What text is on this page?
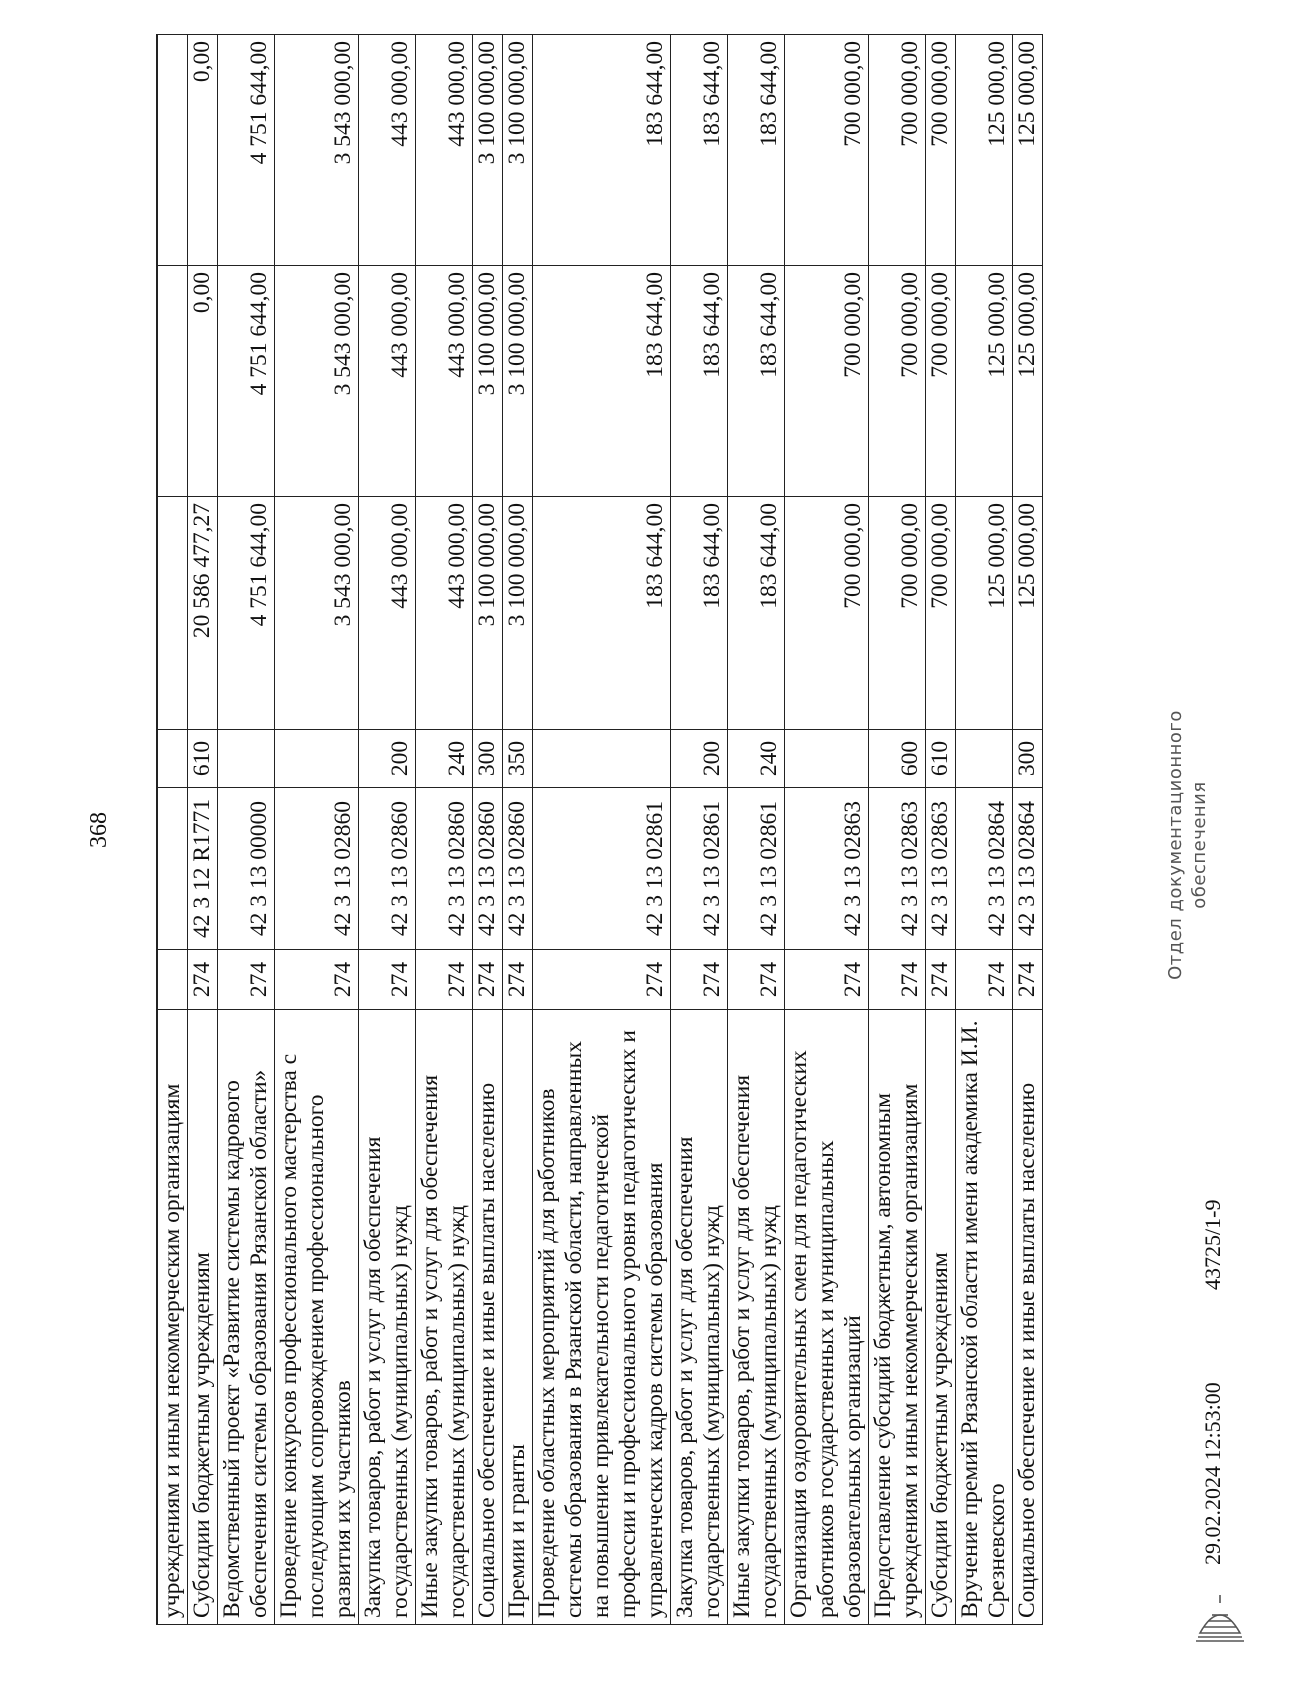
368
учреждениям и иным некоммерческим организациям						
Субсидии бюджетным учреждениям	274	42 3 12 R1771	610	20 586 477,27	0,00	0,00
Ведомственный проект «Развитие системы кадрового обеспечения системы образования Рязанской области»	274	42 3 13 00000		4 751 644,00	4 751 644,00	4 751 644,00
Проведение конкурсов профессионального мастерства с последующим сопровождением профессионального развития их участников	274	42 3 13 02860		3 543 000,00	3 543 000,00	3 543 000,00
Закупка товаров, работ и услуг для обеспечения государственных (муниципальных) нужд	274	42 3 13 02860	200	443 000,00	443 000,00	443 000,00
Иные закупки товаров, работ и услуг для обеспечения государственных (муниципальных) нужд	274	42 3 13 02860	240	443 000,00	443 000,00	443 000,00
Социальное обеспечение и иные выплаты населению	274	42 3 13 02860	300	3 100 000,00	3 100 000,00	3 100 000,00
Премии и гранты	274	42 3 13 02860	350	3 100 000,00	3 100 000,00	3 100 000,00
Проведение областных мероприятий для работников системы образования в Рязанской области, направленных на повышение привлекательности педагогической профессии и профессионального уровня педагогических и управленческих кадров системы образования	274	42 3 13 02861		183 644,00	183 644,00	183 644,00
Закупка товаров, работ и услуг для обеспечения государственных (муниципальных) нужд	274	42 3 13 02861	200	183 644,00	183 644,00	183 644,00
Иные закупки товаров, работ и услуг для обеспечения государственных (муниципальных) нужд	274	42 3 13 02861	240	183 644,00	183 644,00	183 644,00
Организация оздоровительных смен для педагогических работников государственных и муниципальных образовательных организаций	274	42 3 13 02863		700 000,00	700 000,00	700 000,00
Предоставление субсидий бюджетным, автономным учреждениям и иным некоммерческим организациям	274	42 3 13 02863	600	700 000,00	700 000,00	700 000,00
Субсидии бюджетным учреждениям	274	42 3 13 02863	610	700 000,00	700 000,00	700 000,00
Вручение премий Рязанской области имени академика И.И. Срезневского	274	42 3 13 02864		125 000,00	125 000,00	125 000,00
Социальное обеспечение и иные выплаты населению	274	42 3 13 02864	300	125 000,00	125 000,00	125 000,00
29.02.2024 12:53:00
43725/1-9
Отдел документационного обеспечения
